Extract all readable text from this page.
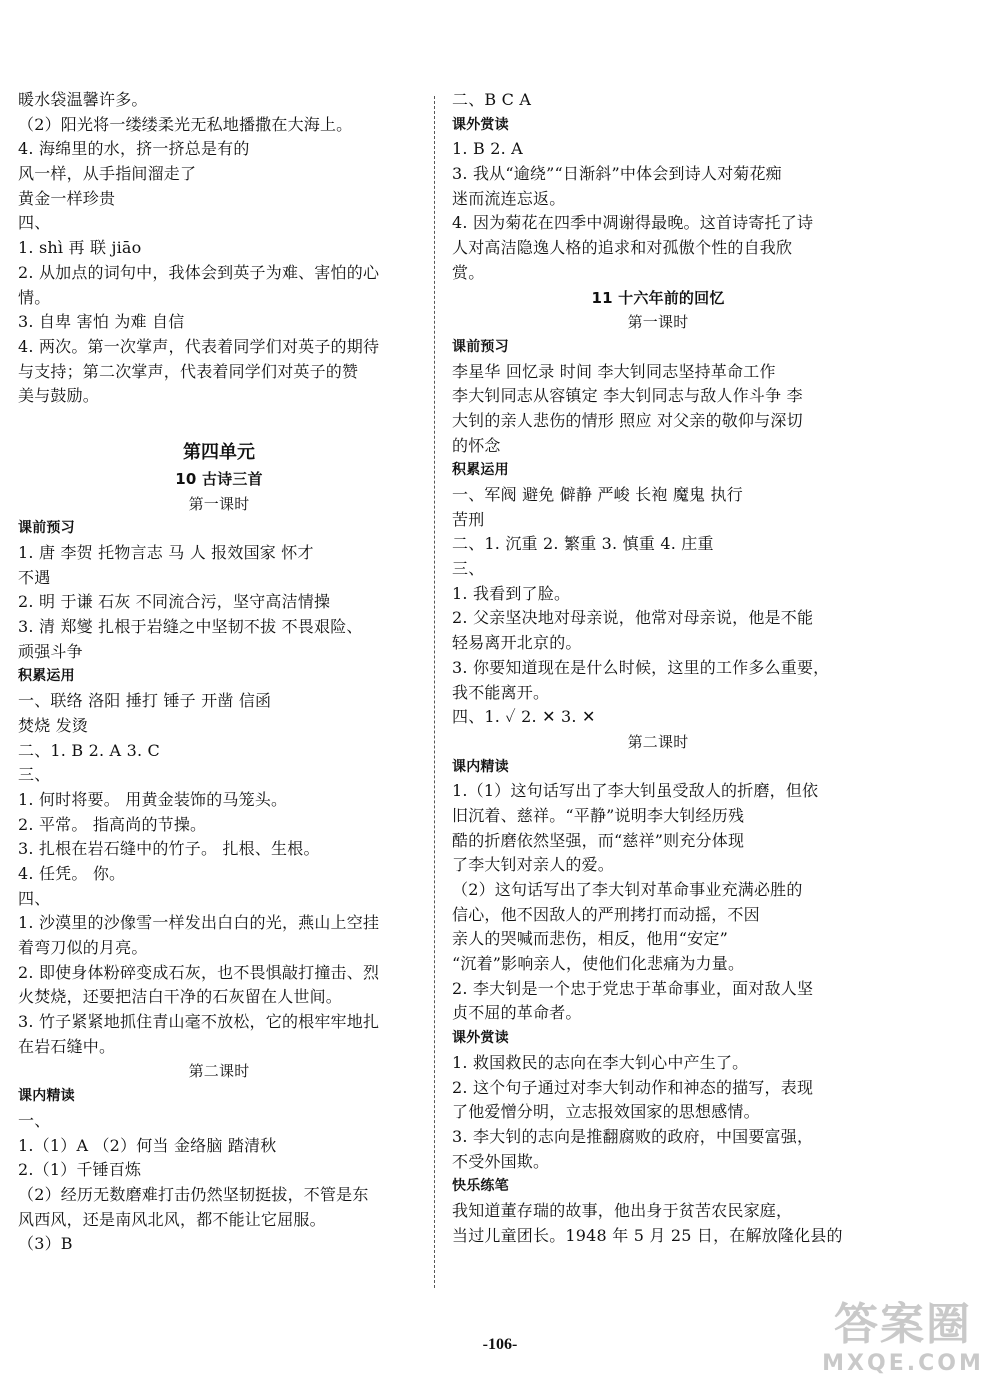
暖水袋温馨许多。
（2）阳光将一缕缕柔光无私地播撒在大海上。
4. 海绵里的水，挤一挤总是有的
风一样，从手指间溜走了
黄金一样珍贵
四、
1. shì 再 联 jiāo
2. 从加点的词句中，我体会到英子为难、害怕的心
情。
3. 自卑 害怕 为难 自信
4. 两次。第一次掌声，代表着同学们对英子的期待
与支持；第二次掌声，代表着同学们对英子的赞
美与鼓励。
第四单元
10 古诗三首
第一课时
课前预习
1. 唐 李贺 托物言志 马 人 报效国家 怀才
不遇
2. 明 于谦 石灰 不同流合污，坚守高洁情操
3. 清 郑燮 扎根于岩缝之中坚韧不拔 不畏艰险、
顽强斗争
积累运用
一、联络 洛阳 捶打 锤子 开凿 信函
焚烧 发烫
二、1. B 2. A 3. C
三、
1. 何时将要。 用黄金装饰的马笼头。
2. 平常。 指高尚的节操。
3. 扎根在岩石缝中的竹子。 扎根、生根。
4. 任凭。 你。
四、
1. 沙漠里的沙像雪一样发出白白的光，燕山上空挂
着弯刀似的月亮。
2. 即使身体粉碎变成石灰，也不畏惧敲打撞击、烈
火焚烧，还要把洁白干净的石灰留在人世间。
3. 竹子紧紧地抓住青山毫不放松，它的根牢牢地扎
在岩石缝中。
第二课时
课内精读
一、
1.（1）A （2）何当 金络脑 踏清秋
2.（1）千锤百炼
（2）经历无数磨难打击仍然坚韧挺拔，不管是东
风西风，还是南风北风，都不能让它屈服。
（3）B
二、B C A
课外赏读
1. B 2. A
3. 我从“逾绕”“日渐斜”中体会到诗人对菊花痴
迷而流连忘返。
4. 因为菊花在四季中凋谢得最晚。这首诗寄托了诗
人对高洁隐逸人格的追求和对孤傲个性的自我欣
赏。
11 十六年前的回忆
第一课时
课前预习
李星华 回忆录 时间 李大钊同志坚持革命工作
李大钊同志从容镇定 李大钊同志与敌人作斗争 李
大钊的亲人悲伤的情形 照应 对父亲的敬仰与深切
的怀念
积累运用
一、军阀 避免 僻静 严峻 长袍 魔鬼 执行
苦刑
二、1. 沉重 2. 繁重 3. 慎重 4. 庄重
三、
1. 我看到了脸。
2. 父亲坚决地对母亲说，他常对母亲说，他是不能
轻易离开北京的。
3. 你要知道现在是什么时候，这里的工作多么重要，
我不能离开。
四、1. ✓ 2. ✕ 3. ✕
第二课时
课内精读
1.（1）这句话写出了李大钊虽受敌人的折磨，但依
旧沉着、慈祥。“平静”说明李大钊经历残
酷的折磨依然坚强，而“慈祥”则充分体现
了李大钊对亲人的爱。
（2）这句话写出了李大钊对革命事业充满必胜的
信心，他不因敌人的严刑拷打而动摇，不因
亲人的哭喊而悲伤，相反，他用“安定”
“沉着”影响亲人，使他们化悲痛为力量。
2. 李大钊是一个忠于党忠于革命事业，面对敌人坚
贞不屈的革命者。
课外赏读
1. 救国救民的志向在李大钊心中产生了。
2. 这个句子通过对李大钊动作和神态的描写，表现
了他爱憎分明，立志报效国家的思想感情。
3. 李大钊的志向是推翻腐败的政府，中国要富强，
不受外国欺。
快乐练笔
我知道董存瑞的故事，他出身于贫苦农民家庭，
当过儿童团长。1948 年 5 月 25 日，在解放隆化县的
-106-	答案圈
MXQE.COM
